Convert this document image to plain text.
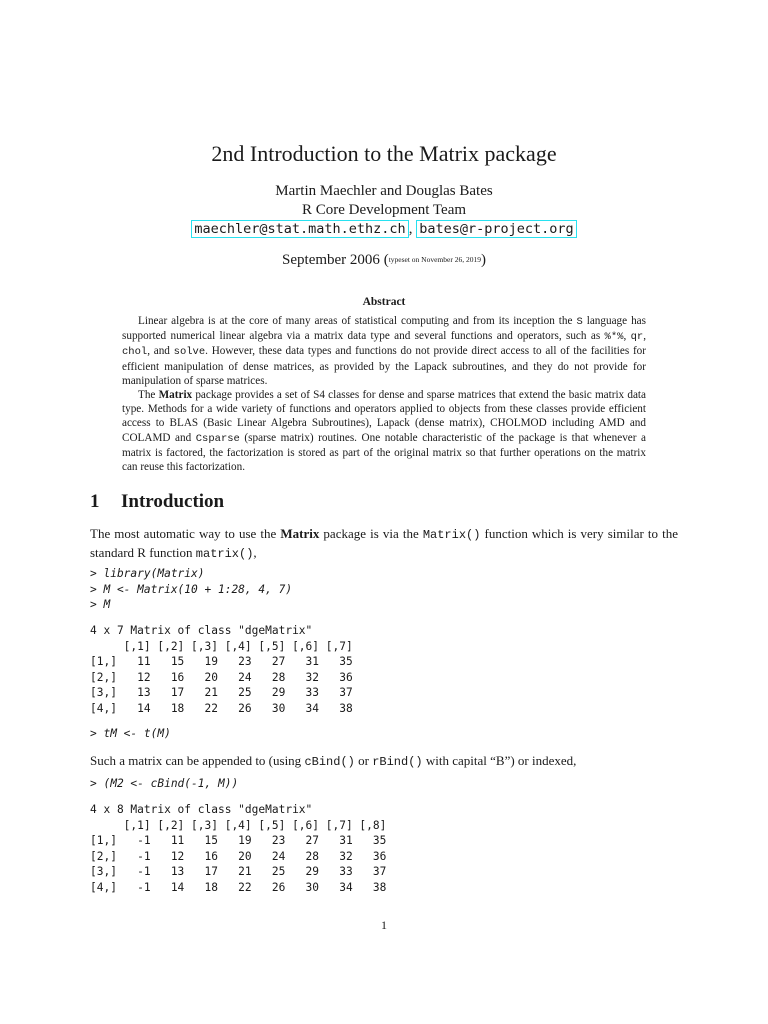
2nd Introduction to the Matrix package
Martin Maechler and Douglas Bates
R Core Development Team
maechler@stat.math.ethz.ch , bates@r-project.org
September 2006 (typeset on November 26, 2019)
Abstract

Linear algebra is at the core of many areas of statistical computing and from its inception the S language has supported numerical linear algebra via a matrix data type and several functions and operators, such as %*%, qr, chol, and solve. However, these data types and functions do not provide direct access to all of the facilities for efficient manipulation of dense matrices, as provided by the Lapack subroutines, and they do not provide for manipulation of sparse matrices.

The Matrix package provides a set of S4 classes for dense and sparse matrices that extend the basic matrix data type. Methods for a wide variety of functions and operators applied to objects from these classes provide efficient access to BLAS (Basic Linear Algebra Subroutines), Lapack (dense matrix), CHOLMOD including AMD and COLAMD and Csparse (sparse matrix) routines. One notable characteristic of the package is that whenever a matrix is factored, the factorization is stored as part of the original matrix so that further operations on the matrix can reuse this factorization.

1 Introduction
The most automatic way to use the Matrix package is via the Matrix() function which is very similar to the standard R function matrix(),
> library(Matrix)
> M <- Matrix(10 + 1:28, 4, 7)
> M
4 x 7 Matrix of class "dgeMatrix"
[,1] [,2] [,3] [,4] [,5] [,6] [,7]
[1,]   11   15   19   23   27   31   35
[2,]   12   16   20   24   28   32   36
[3,]   13   17   21   25   29   33   37
[4,]   14   18   22   26   30   34   38
> tM <- t(M)
Such a matrix can be appended to (using cBind() or rBind() with capital “B”) or indexed,
> (M2 <- cBind(-1, M))
4 x 8 Matrix of class "dgeMatrix"
[,1] [,2] [,3] [,4] [,5] [,6] [,7] [,8]
[1,]   -1   11   15   19   23   27   31   35
[2,]   -1   12   16   20   24   28   32   36
[3,]   -1   13   17   21   25   29   33   37
[4,]   -1   14   18   22   26   30   34   38
1
